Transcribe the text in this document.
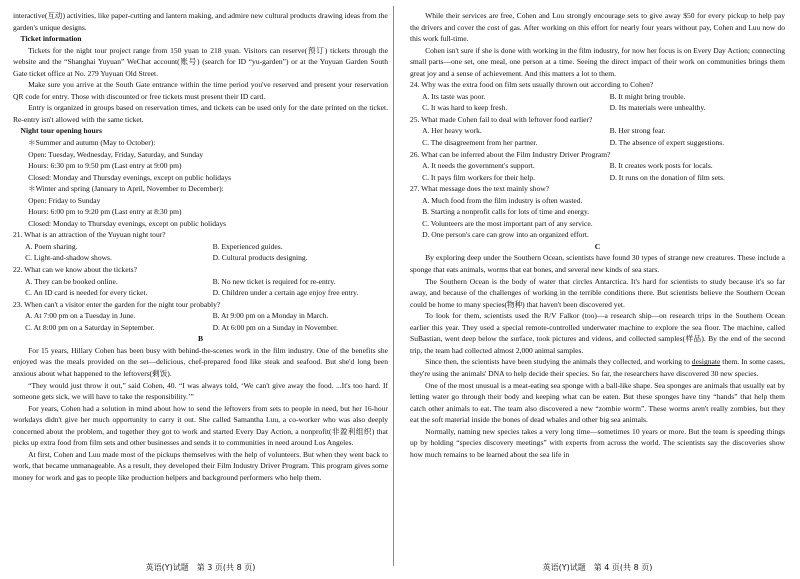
interactive(互动) activities, like paper-cutting and lantern making, and admire new cultural products drawing ideas from the garden's unique designs.
Ticket information
Tickets for the night tour project range from 150 yuan to 218 yuan. Visitors can reserve(预订) tickets through the website and the “Shanghai Yuyuan” WeChat account(账号) (search for ID “yu-garden”) or at the Yuyuan Garden South Gate ticket office at No. 279 Yuyuan Old Street.
Make sure you arrive at the South Gate entrance within the time period you've reserved and present your reservation QR code for entry. Those with discounted or free tickets must present their ID card.
Entry is organized in groups based on reservation times, and tickets can be used only for the date printed on the ticket. Re-entry isn't allowed with the same ticket.
Night tour opening hours
＊Summer and autumn (May to October):
Open: Tuesday, Wednesday, Friday, Saturday, and Sunday
Hours: 6:30 pm to 9:50 pm (Last entry at 9:00 pm)
Closed: Monday and Thursday evenings, except on public holidays
＊Winter and spring (January to April, November to December):
Open: Friday to Sunday
Hours: 6:00 pm to 9:20 pm (Last entry at 8:30 pm)
Closed: Monday to Thursday evenings, except on public holidays
21. What is an attraction of the Yuyuan night tour?
A. Poem sharing.	B. Experienced guides.
C. Light-and-shadow shows.	D. Cultural products designing.
22. What can we know about the tickets?
A. They can be booked online.	B. No new ticket is required for re-entry.
C. An ID card is needed for every ticket.	D. Children under a certain age enjoy free entry.
23. When can't a visitor enter the garden for the night tour probably?
A. At 7:00 pm on a Tuesday in June.	B. At 9:00 pm on a Monday in March.
C. At 8:00 pm on a Saturday in September.	D. At 6:00 pm on a Sunday in November.
B
For 15 years, Hillary Cohen has been busy with behind-the-scenes work in the film industry. One of the benefits she enjoyed was the meals provided on the set—delicious, chef-prepared food like steak and seafood. But she'd long been anxious about what happened to the leftovers(剩饭).
“They would just throw it out,” said Cohen, 40. “I was always told, ‘We can't give away the food. ...It's too hard. If someone gets sick, we will have to take the responsibility.’”
For years, Cohen had a solution in mind about how to send the leftovers from sets to people in need, but her 16-hour workdays didn't give her much opportunity to carry it out. She called Samantha Luu, a co-worker who was also deeply concerned about the problem, and together they got to work and started Every Day Action, a nonprofit(非盈利组织) that picks up extra food from film sets and other businesses and sends it to communities in need around Los Angeles.
At first, Cohen and Luu made most of the pickups themselves with the help of volunteers. But when they went back to work, that became unmanageable. As a result, they developed their Film Industry Driver Program. This program gives some money for work and gas to people like production helpers and background performers who help them.
While their services are free, Cohen and Luu strongly encourage sets to give away $50 for every pickup to help pay the drivers and cover the cost of gas. After working on this effort for nearly four years without pay, Cohen and Luu now do this work full-time.
Cohen isn't sure if she is done with working in the film industry, for now her focus is on Every Day Action; connecting small parts—one set, one meal, one person at a time. Seeing the direct impact of their work on communities brings them great joy and a sense of achievement. And this matters a lot to them.
24. Why was the extra food on film sets usually thrown out according to Cohen?
A. Its taste was poor.	B. It might bring trouble.
C. It was hard to keep fresh.	D. Its materials were unhealthy.
25. What made Cohen fail to deal with leftover food earlier?
A. Her heavy work.	B. Her strong fear.
C. The disagreement from her partner.	D. The absence of expert suggestions.
26. What can be inferred about the Film Industry Driver Program?
A. It needs the government's support.	B. It creates work posts for locals.
C. It pays film workers for their help.	D. It runs on the donation of film sets.
27. What message does the text mainly show?
A. Much food from the film industry is often wasted.
B. Starting a nonprofit calls for lots of time and energy.
C. Volunteers are the most important part of any service.
D. One person's care can grow into an organized effort.
C
By exploring deep under the Southern Ocean, scientists have found 30 types of strange new creatures. These include a sponge that eats animals, worms that eat bones, and several new kinds of sea stars.
The Southern Ocean is the body of water that circles Antarctica. It's hard for scientists to study because it's so far away, and because of the challenges of working in the terrible conditions there. But scientists believe the Southern Ocean could be home to many species(物种) that haven't been discovered yet.
To look for them, scientists used the R/V Falkor (too)—a research ship—on research trips in the Southern Ocean earlier this year. They used a special remote-controlled underwater machine to explore the sea floor. The machine, called SuBastian, went deep below the surface, took pictures and videos, and collected samples(样品). By the end of the second trip, the team had collected almost 2,000 animal samples.
Since then, the scientists have been studying the animals they collected, and working to designate them. In some cases, they're using the animals' DNA to help decide their species. So far, the researchers have discovered 30 new species.
One of the most unusual is a meat-eating sea sponge with a ball-like shape. Sea sponges are animals that usually eat by letting water go through their body and keeping what can be eaten. But these sponges have tiny “hands” that help them catch other animals to eat. The team also discovered a new “zombie worm”. These worms aren't really zombies, but they eat the soft material inside the bones of dead whales and other big sea animals.
Normally, naming new species takes a very long time—sometimes 10 years or more. But the team is speeding things up by holding “species discovery meetings” with experts from across the world. The scientists say the discoveries show how much remains to be learned about the sea life in
英语(Y)试题　第 3 页(共 8 页)	英语(Y)试题　第 4 页(共 8 页)
